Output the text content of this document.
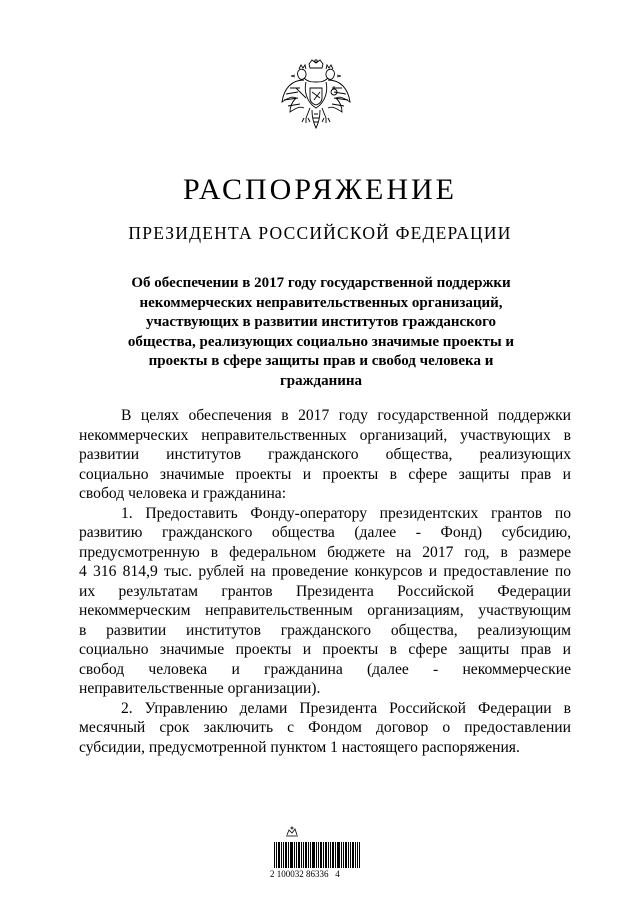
РАСПОРЯЖЕНИЕ
ПРЕЗИДЕНТА РОССИЙСКОЙ ФЕДЕРАЦИИ
Об обеспечении в 2017 году государственной поддержки
некоммерческих неправительственных организаций,
участвующих в развитии институтов гражданского
общества, реализующих социально значимые проекты и
проекты в сфере защиты прав и свобод человека и
гражданина
В целях обеспечения в 2017 году государственной поддержки
некоммерческих неправительственных организаций, участвующих в
развитии институтов гражданского общества, реализующих
социально значимые проекты и проекты в сфере защиты прав и
свобод человека и гражданина:
1. Предоставить Фонду-оператору президентских грантов по
развитию гражданского общества (далее - Фонд) субсидию,
предусмотренную в федеральном бюджете на 2017 год, в размере
4 316 814,9 тыс. рублей на проведение конкурсов и предоставление по
их результатам грантов Президента Российской Федерации
некоммерческим неправительственным организациям, участвующим
в развитии институтов гражданского общества, реализующим
социально значимые проекты и проекты в сфере защиты прав и
свобод человека и гражданина (далее - некоммерческие
неправительственные организации).
2. Управлению делами Президента Российской Федерации в
месячный срок заключить с Фондом договор о предоставлении
субсидии, предусмотренной пунктом 1 настоящего распоряжения.
2 100032 86336   4
